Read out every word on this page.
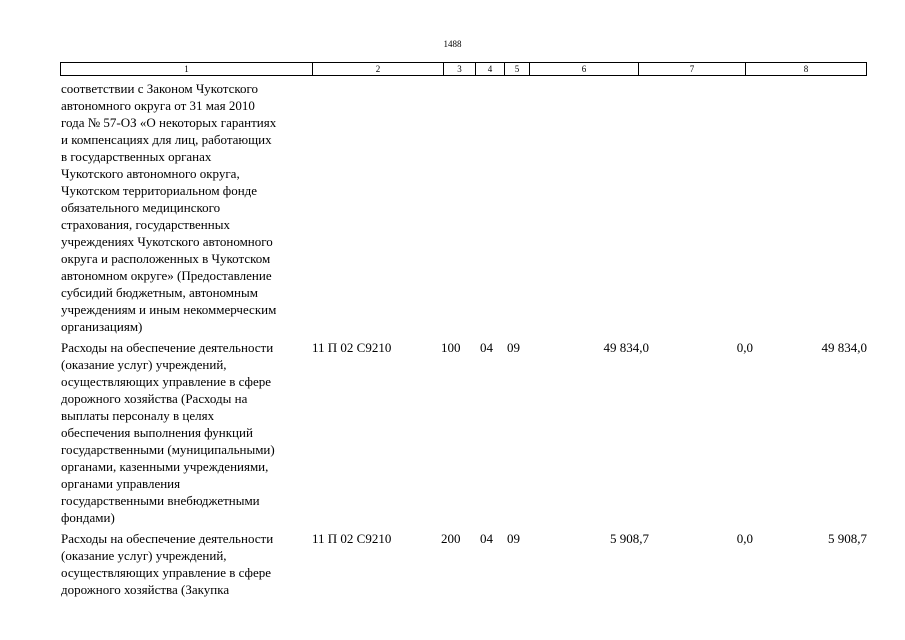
1488
1	2	3	4	5	6	7	8
соответствии с Законом Чукотского
автономного округа от 31 мая 2010
года № 57-ОЗ «О некоторых гарантиях
и компенсациях для лиц, работающих
в государственных органах
Чукотского автономного округа,
Чукотском территориальном фонде
обязательного медицинского
страхования, государственных
учреждениях Чукотского автономного
округа и расположенных в Чукотском
автономном округе» (Предоставление
субсидий бюджетным, автономным
учреждениям и иным некоммерческим
организациям)
Расходы на обеспечение деятельности
(оказание услуг) учреждений,
осуществляющих управление в сфере
дорожного хозяйства (Расходы на
выплаты персоналу в целях
обеспечения выполнения функций
государственными (муниципальными)
органами, казенными учреждениями,
органами управления
государственными внебюджетными
фондами)
11 П 02 С9210	100 04 09	49 834,0	0,0	49 834,0
Расходы на обеспечение деятельности
(оказание услуг) учреждений,
осуществляющих управление в сфере
дорожного хозяйства (Закупка
11 П 02 С9210	200 04 09	5 908,7	0,0	5 908,7
